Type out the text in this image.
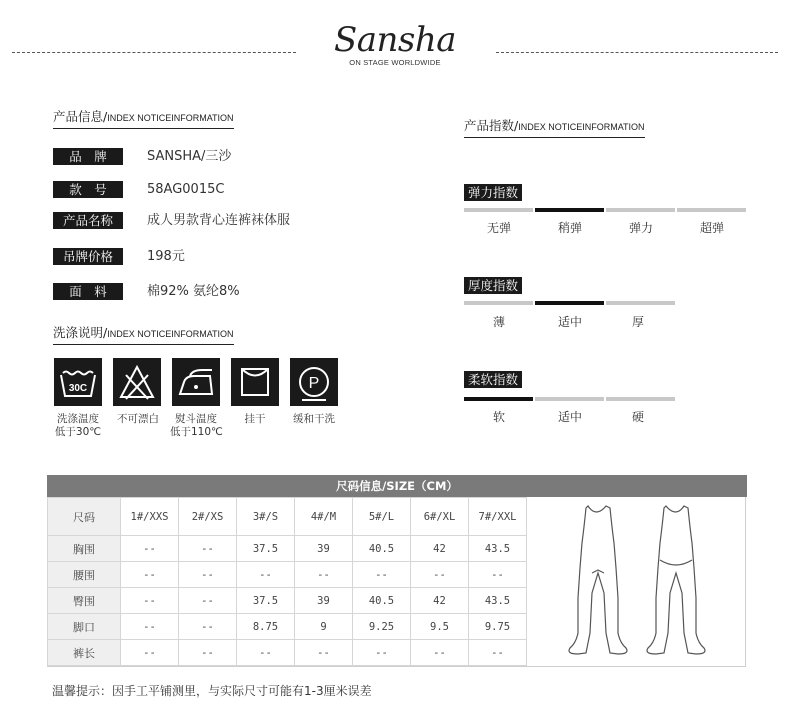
Sansha
ON STAGE WORLDWIDE
产品信息/INDEX NOTICEINFORMATION
品　牌	SANSHA/三沙
款　号	58AG0015C
产品名称	成人男款背心连裤袜体服
吊牌价格	198元
面　料	棉92% 氨纶8%
洗涤说明/INDEX NOTICEINFORMATION
30C	P
洗涤温度
低于30℃
不可漂白	熨斗温度
低于110℃
挂干	缓和干洗
产品指数/INDEX NOTICEINFORMATION
弹力指数
无弹	稍弹	弹力	超弹
厚度指数
薄	适中	厚
柔软指数
软	适中	硬
尺码信息/SIZE（CM）
尺码	1#/XXS	2#/XS	3#/S	4#/M	5#/L	6#/XL	7#/XXL
胸围	--	--	37.5	39	40.5	42	43.5
腰围	--	--	--	--	--	--	--
臀围	--	--	37.5	39	40.5	42	43.5
脚口	--	--	8.75	9	9.25	9.5	9.75
裤长	--	--	--	--	--	--	--
温馨提示：因手工平铺测里，与实际尺寸可能有1-3厘米误差
